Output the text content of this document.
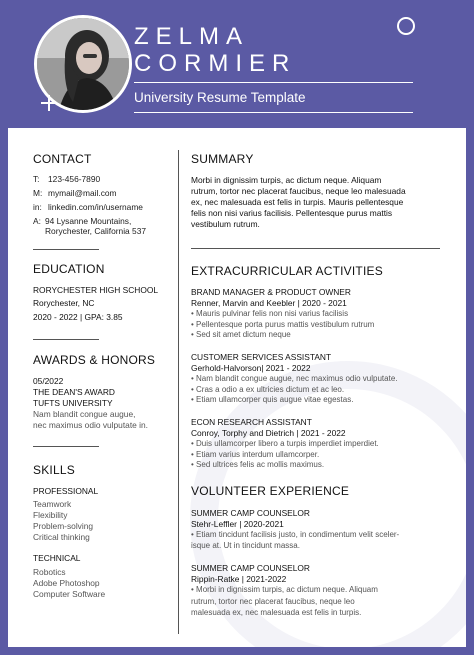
ZELMA
CORMIER
University Resume Template
CONTACT
T: 123-456-7890
M: mymail@mail.com
in: linkedin.com/in/username
A: 94 Lysanne Mountains,
Rorychester, California 537
EDUCATION
RORYCHESTER HIGH SCHOOL
Rorychester, NC
2020 - 2022 | GPA: 3.85
AWARDS & HONORS
05/2022
THE DEAN'S AWARD
TUFTS UNIVERSITY
Nam blandit congue augue,
nec maximus odio vulputate in.
SKILLS
PROFESSIONAL
Teamwork
Flexibility
Problem-solving
Critical thinking
TECHNICAL
Robotics
Adobe Photoshop
Computer Software
SUMMARY
Morbi in dignissim turpis, ac dictum neque. Aliquam
rutrum, tortor nec placerat faucibus, neque leo malesuada
ex, nec malesuada est felis in turpis. Mauris pellentesque
felis non nisi varius facilisis. Pellentesque purus mattis
vestibulum rutrum.
EXTRACURRICULAR ACTIVITIES
BRAND MANAGER & PRODUCT OWNER
Renner, Marvin and Keebler | 2020 - 2021
• Mauris pulvinar felis non nisi varius facilisis
• Pellentesque porta purus mattis vestibulum rutrum
• Sed sit amet dictum neque
CUSTOMER SERVICES ASSISTANT
Gerhold-Halvorson| 2021 - 2022
• Nam blandit congue augue, nec maximus odio vulputate.
• Cras a odio a ex ultricies dictum et ac leo.
• Etiam ullamcorper quis augue vitae egestas.
ECON RESEARCH ASSISTANT
Conroy, Torphy and Dietrich | 2021 - 2022
• Duis ullamcorper libero a turpis imperdiet imperdiet.
• Etiam varius interdum ullamcorper.
• Sed ultrices felis ac mollis maximus.
VOLUNTEER EXPERIENCE
SUMMER CAMP COUNSELOR
Stehr-Leffler | 2020-2021
• Etiam tincidunt facilisis justo, in condimentum velit sceler-
isque at. Ut in tincidunt massa.
SUMMER CAMP COUNSELOR
Rippin-Ratke | 2021-2022
• Morbi in dignissim turpis, ac dictum neque. Aliquam
rutrum, tortor nec placerat faucibus, neque leo
malesuada ex, nec malesuada est felis in turpis.
